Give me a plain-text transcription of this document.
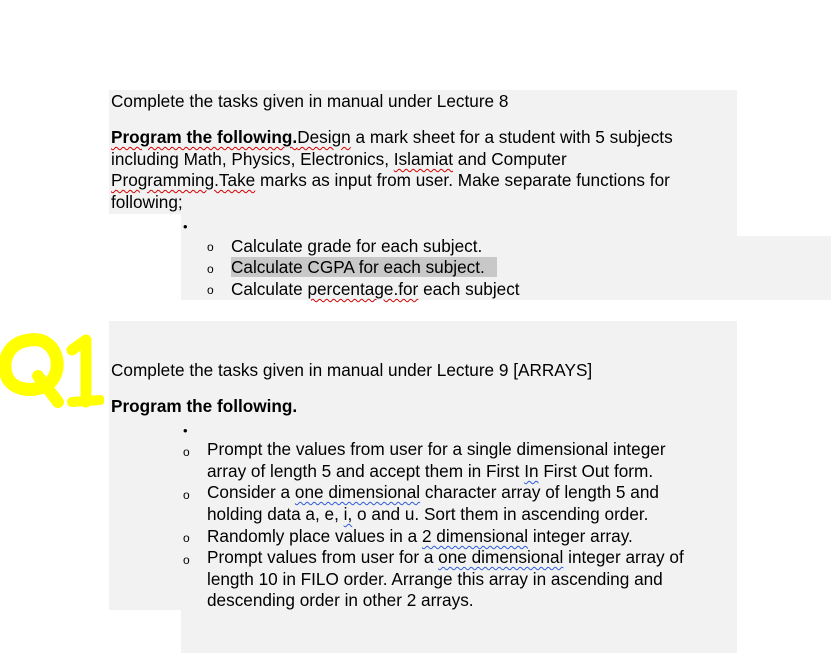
Complete the tasks given in manual under Lecture 8
Program the following.Design a mark sheet for a student with 5 subjects
including Math, Physics, Electronics, Islamiat and Computer
Programming.Take marks as input from user. Make separate functions for
following;
•
o Calculate grade for each subject.
o Calculate CGPA for each subject.
o Calculate percentage.for each subject
Complete the tasks given in manual under Lecture 9 [ARRAYS]
Program the following.
•
o Prompt the values from user for a single dimensional integer
array of length 5 and accept them in First In First Out form.
o Consider a one dimensional character array of length 5 and
holding data a, e, i, o and u. Sort them in ascending order.
o Randomly place values in a 2 dimensional integer array.
o Prompt values from user for a one dimensional integer array of
length 10 in FILO order. Arrange this array in ascending and
descending order in other 2 arrays.
